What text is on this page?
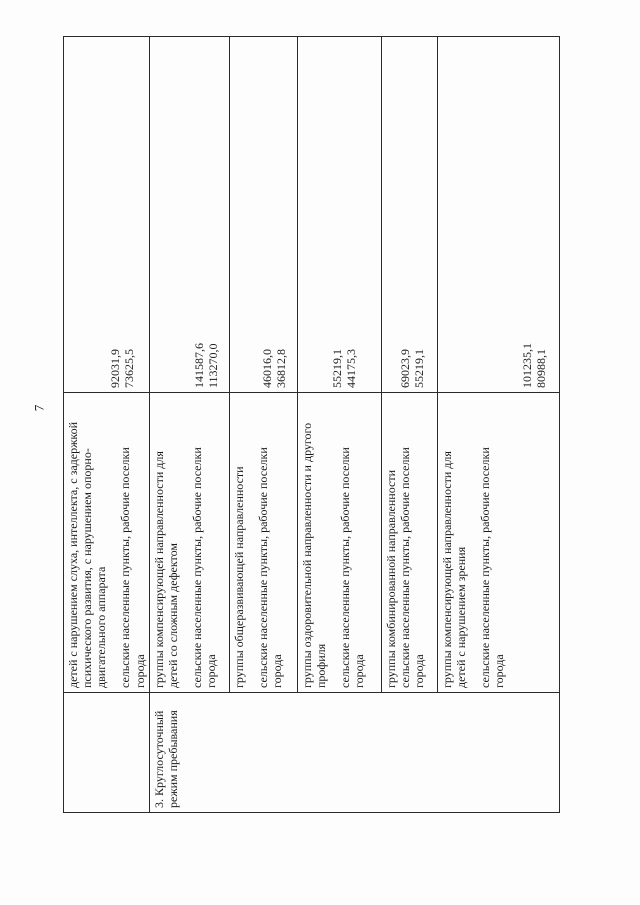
7

	детей с нарушением слуха, интеллекта, с задержкой психического развития, с нарушением опорно- двигательного аппарата сельские населенные пункты, рабочие поселки города	92031,9 73625,5

3. Круглосуточный режим пребывания	группы компенсирующей направленности для детей со сложным дефектом сельские населенные пункты, рабочие поселки города	141587,6 113270,0

	группы общеразвивающей направленности сельские населенные пункты, рабочие поселки города	46016,0 36812,8

	группы оздоровительной направленности и другого профиля сельские населенные пункты, рабочие поселки города	55219,1 44175,3

	группы комбинированной направленности сельские населенные пункты, рабочие поселки города	69023,9 55219,1

	группы компенсирующей направленности для детей с нарушением зрения сельские населенные пункты, рабочие поселки города	101235,1 80988,1
